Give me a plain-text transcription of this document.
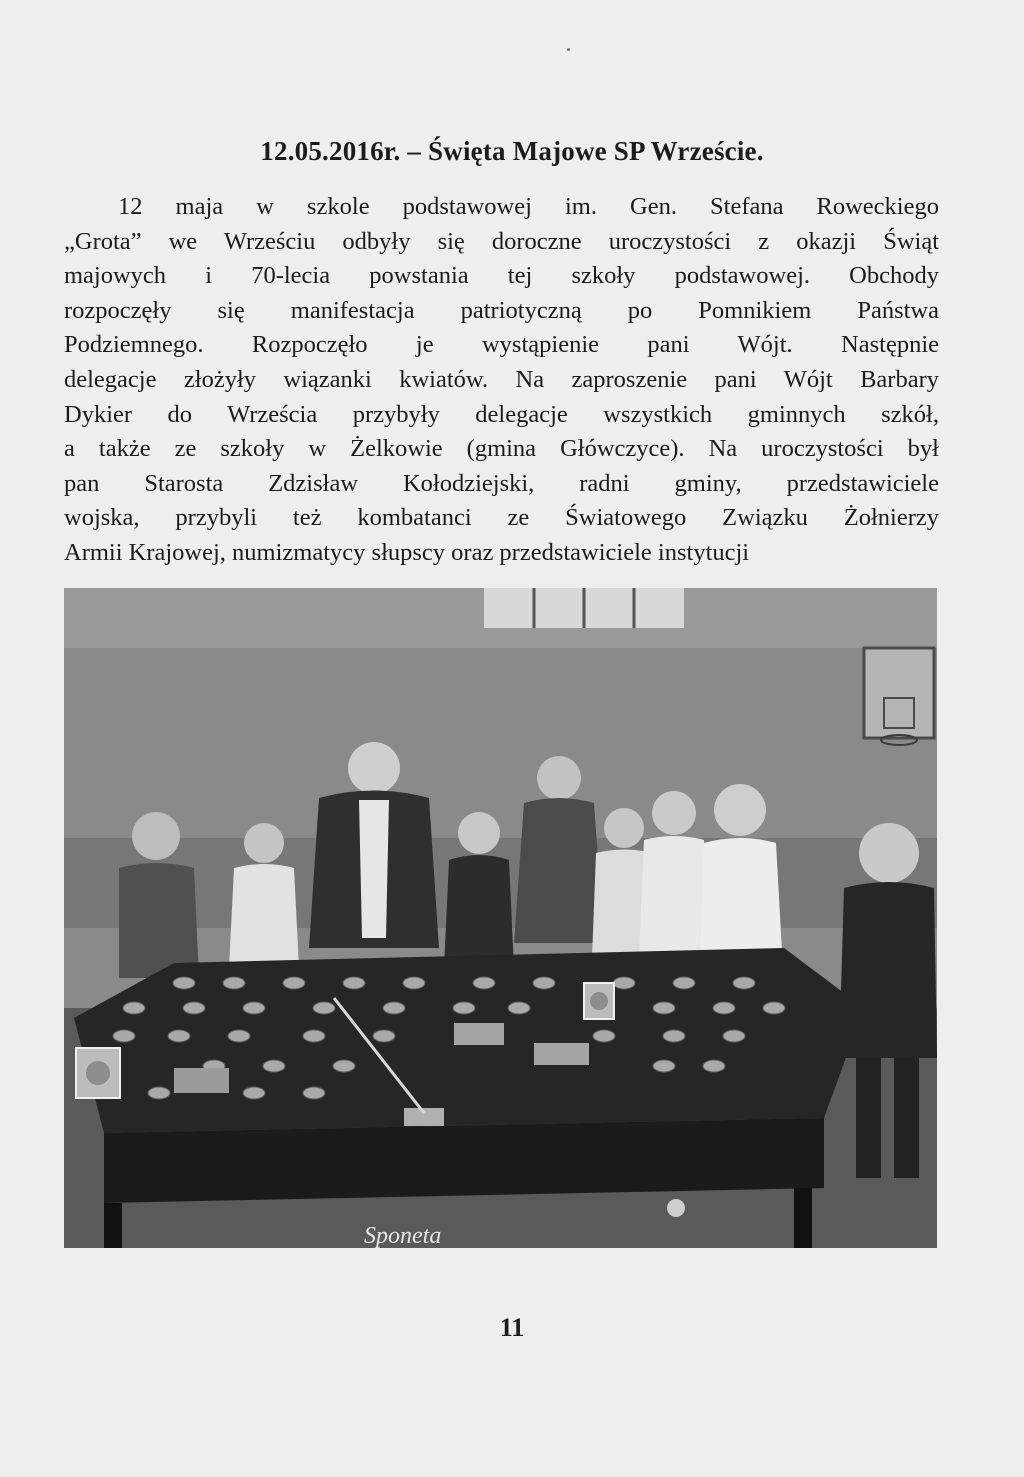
12.05.2016r. – Święta Majowe SP Wrzeście.
12 maja w szkole podstawowej im. Gen. Stefana Roweckiego
„Grota” we Wrześciu odbyły się doroczne uroczystości z okazji Świąt
majowych i 70-lecia powstania tej szkoły podstawowej. Obchody
rozpoczęły się manifestacja patriotyczną po Pomnikiem Państwa
Podziemnego. Rozpoczęło je wystąpienie pani Wójt. Następnie
delegacje złożyły wiązanki kwiatów. Na zaproszenie pani Wójt Barbary
Dykier do Wrześcia przybyły delegacje wszystkich gminnych szkół,
a także ze szkoły w Żelkowie (gmina Główczyce). Na uroczystości był
pan Starosta Zdzisław Kołodziejski, radni gminy, przedstawiciele
wojska, przybyli też kombatanci ze Światowego Związku Żołnierzy
Armii Krajowej, numizmatycy słupscy oraz przedstawiciele instytucji
Sponeta
11
